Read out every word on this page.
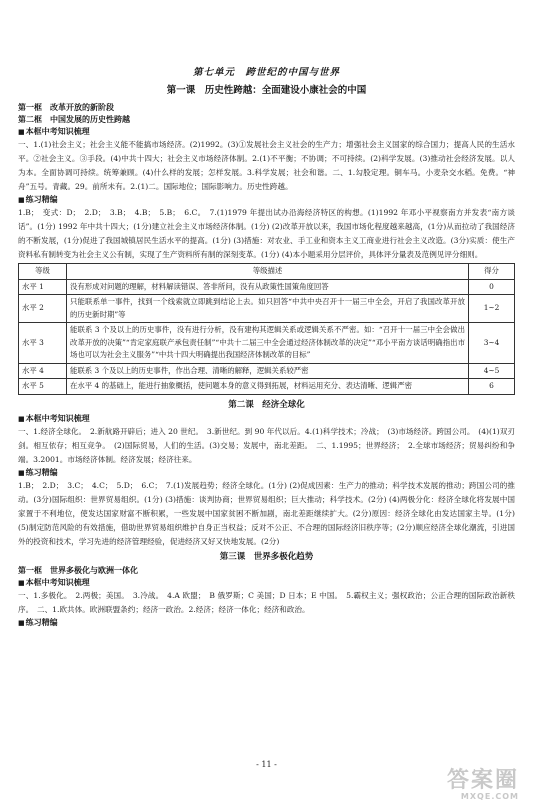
第七单元　跨世纪的中国与世界
第一课　历史性跨越：全面建设小康社会的中国
第一框　改革开放的新阶段
第二框　中国发展的历史性跨越
■ 本框中考知识梳理

一、1.(1)社会主义；社会主义能不能搞市场经济。(2)1992。(3)①发展社会主义社会的生产力；增强社会主义国家的综合国力；提高人民的生活水平。②社会主义。③手段。(4)中共十四大；社会主义市场经济体制。2.(1)不平衡；不协调；不可持续。(2)科学发展。(3)推动社会经济发展。以人为本。全面协调可持续。统筹兼顾。(4)什么样的发展；怎样发展。3.科学发展；社会和谐。二、1.勾股定理。铜车马。小麦杂交水稻。免费。“神舟”五号。青藏。29。前所未有。2.(1)二。国际地位；国际影响力。历史性跨越。

■ 练习精编

1.B；　变式：D；　2.D；　3.B；　4.B；　5.B；　6.C。　7.(1)1979 年提出试办沿海经济特区的构想。(1)1992 年邓小平视察南方并发表“南方谈话”。(1分) 1992 年中共十四大；(1分)建立社会主义市场经济体制。(1分) (2)改革开放以来，我国市场化程度越来越高，(1分)从而拉动了我国经济的不断发展，(1分)促进了我国城镇居民生活水平的提高。(1分) (3)措施：对农业、手工业和资本主义工商业进行社会主义改造。(3分)实质：使生产资料私有制转变为社会主义公有制，实现了生产资料所有制的深刻变革。(1分) (4)本小题采用分层评价，具体评分量表及范例见评分细则。

等级	等级描述	得分
水平 1	没有形成对问题的理解，材料解读错误、答非所问，没有从政策性国策角度回答	0
水平 2	只能联系单一事件，找到一个线索就立即跳到结论上去。如只回答“中共中央召开十一届三中全会，开启了我国改革开放的历史新时期”等	1~2
水平 3	能联系 3 个及以上的历史事件，没有进行分析，没有建构其逻辑关系或逻辑关系不严密。如：“召开十一届三中全会做出改革开放的决策”“肯定家庭联产承包责任制”“中共十二届三中全会通过经济体制改革的决定”“邓小平南方谈话明确指出市场也可以为社会主义服务”“中共十四大明确提出我国经济体制改革的目标”	3~4
水平 4	能联系 3 个及以上的历史事件，作出合理、清晰的解释，逻辑关系较严密	4~5
水平 5	在水平 4 的基础上，能进行抽象概括，使问题本身的意义得到拓展，材料运用充分、表达清晰、逻辑严密	6
第二课　经济全球化
■ 本框中考知识梳理

一、1.经济全球化。　2.新航路开辟后；进入 20 世纪。　3.新世纪。到 90 年代以后。4.(1)科学技术；冷战；　(3)市场经济。跨国公司。　(4)(1)双刃剑。相互依存；相互竞争。　(2)国际贸易，人们的生活。(3)交易；发展中，南北差距。　二、1.1995；世界经济；　2.全球市场经济；贸易纠纷和争端。3.2001。市场经济体制。经济发展；经济往来。

■ 练习精编

1.B；　2.D；　3.C；　4.C；　5.D；　6.C；　7.(1)发展趋势；经济全球化。(1分) (2)促成因素：生产力的推动；科学技术发展的推动；跨国公司的推动。(3分)国际组织：世界贸易组织。(1分) (3)措施：谈判协商；世界贸易组织；巨大推动；科学技术。(2分) (4)两极分化：经济全球化将发展中国家置于不利地位，使发达国家财富不断积累，一些发展中国家贫困不断加剧，南北差距继续扩大。(2分)原因：经济全球化由发达国家主导。(1分) (5)制定防范风险的有效措施，借助世界贸易组织维护自身正当权益；反对不公正、不合理的国际经济旧秩序等；(2分)顺应经济全球化潮流，引进国外的投资和技术，学习先进的经济管理经验，促进经济又好又快地发展。(2分)

第三课　世界多极化趋势
第一框　世界多极化与欧洲一体化
■ 本框中考知识梳理

一、1.多极化。　2.两极；美国。　3.冷战。　4.A 欧盟；　B 俄罗斯；C 美国；D 日本；E 中国。　5.霸权主义；强权政治；公正合理的国际政治新秩序。　二、1.欧共体。欧洲联盟条约；经济一政治。2.经济；经济一体化；经济和政治。

■ 练习精编
- 11 -
答案圈
MXQE.COM
